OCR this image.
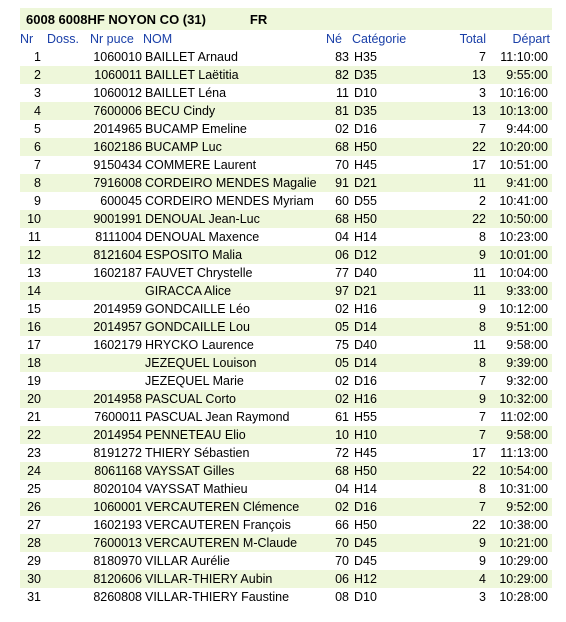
6008 6008HF NOYON CO (31)	FR
Nr	Doss. Nr puce NOM	Né Catégorie	Total	Départ
1	1060010 BAILLET Arnaud	83 H35	7	11:10:00
2	1060011 BAILLET Laëtitia	82 D35	13	9:55:00
3	1060012 BAILLET Léna	11 D10	3	10:16:00
4	7600006 BECU Cindy	81 D35	13	10:13:00
5	2014965 BUCAMP Emeline	02 D16	7	9:44:00
6	1602186 BUCAMP Luc	68 H50	22	10:20:00
7	9150434 COMMERE Laurent	70 H45	17	10:51:00
8	7916008 CORDEIRO MENDES Magalie	91 D21	11	9:41:00
9	600045 CORDEIRO MENDES Myriam	60 D55	2	10:41:00
10	9001991 DENOUAL Jean-Luc	68 H50	22	10:50:00
11	8111004 DENOUAL Maxence	04 H14	8	10:23:00
12	8121604 ESPOSITO Malia	06 D12	9	10:01:00
13	1602187 FAUVET Chrystelle	77 D40	11	10:04:00
14	GIRACCA Alice	97 D21	11	9:33:00
15	2014959 GONDCAILLE Léo	02 H16	9	10:12:00
16	2014957 GONDCAILLE Lou	05 D14	8	9:51:00
17	1602179 HRYCKO Laurence	75 D40	11	9:58:00
18	JEZEQUEL Louison	05 D14	8	9:39:00
19	JEZEQUEL Marie	02 D16	7	9:32:00
20	2014958 PASCUAL Corto	02 H16	9	10:32:00
21	7600011 PASCUAL Jean Raymond	61 H55	7	11:02:00
22	2014954 PENNETEAU Elio	10 H10	7	9:58:00
23	8191272 THIERY Sébastien	72 H45	17	11:13:00
24	8061168 VAYSSAT Gilles	68 H50	22	10:54:00
25	8020104 VAYSSAT Mathieu	04 H14	8	10:31:00
26	1060001 VERCAUTEREN Clémence	02 D16	7	9:52:00
27	1602193 VERCAUTEREN François	66 H50	22	10:38:00
28	7600013 VERCAUTEREN M-Claude	70 D45	9	10:21:00
29	8180970 VILLAR Aurélie	70 D45	9	10:29:00
30	8120606 VILLAR-THIERY Aubin	06 H12	4	10:29:00
31	8260808 VILLAR-THIERY Faustine	08 D10	3	10:28:00
